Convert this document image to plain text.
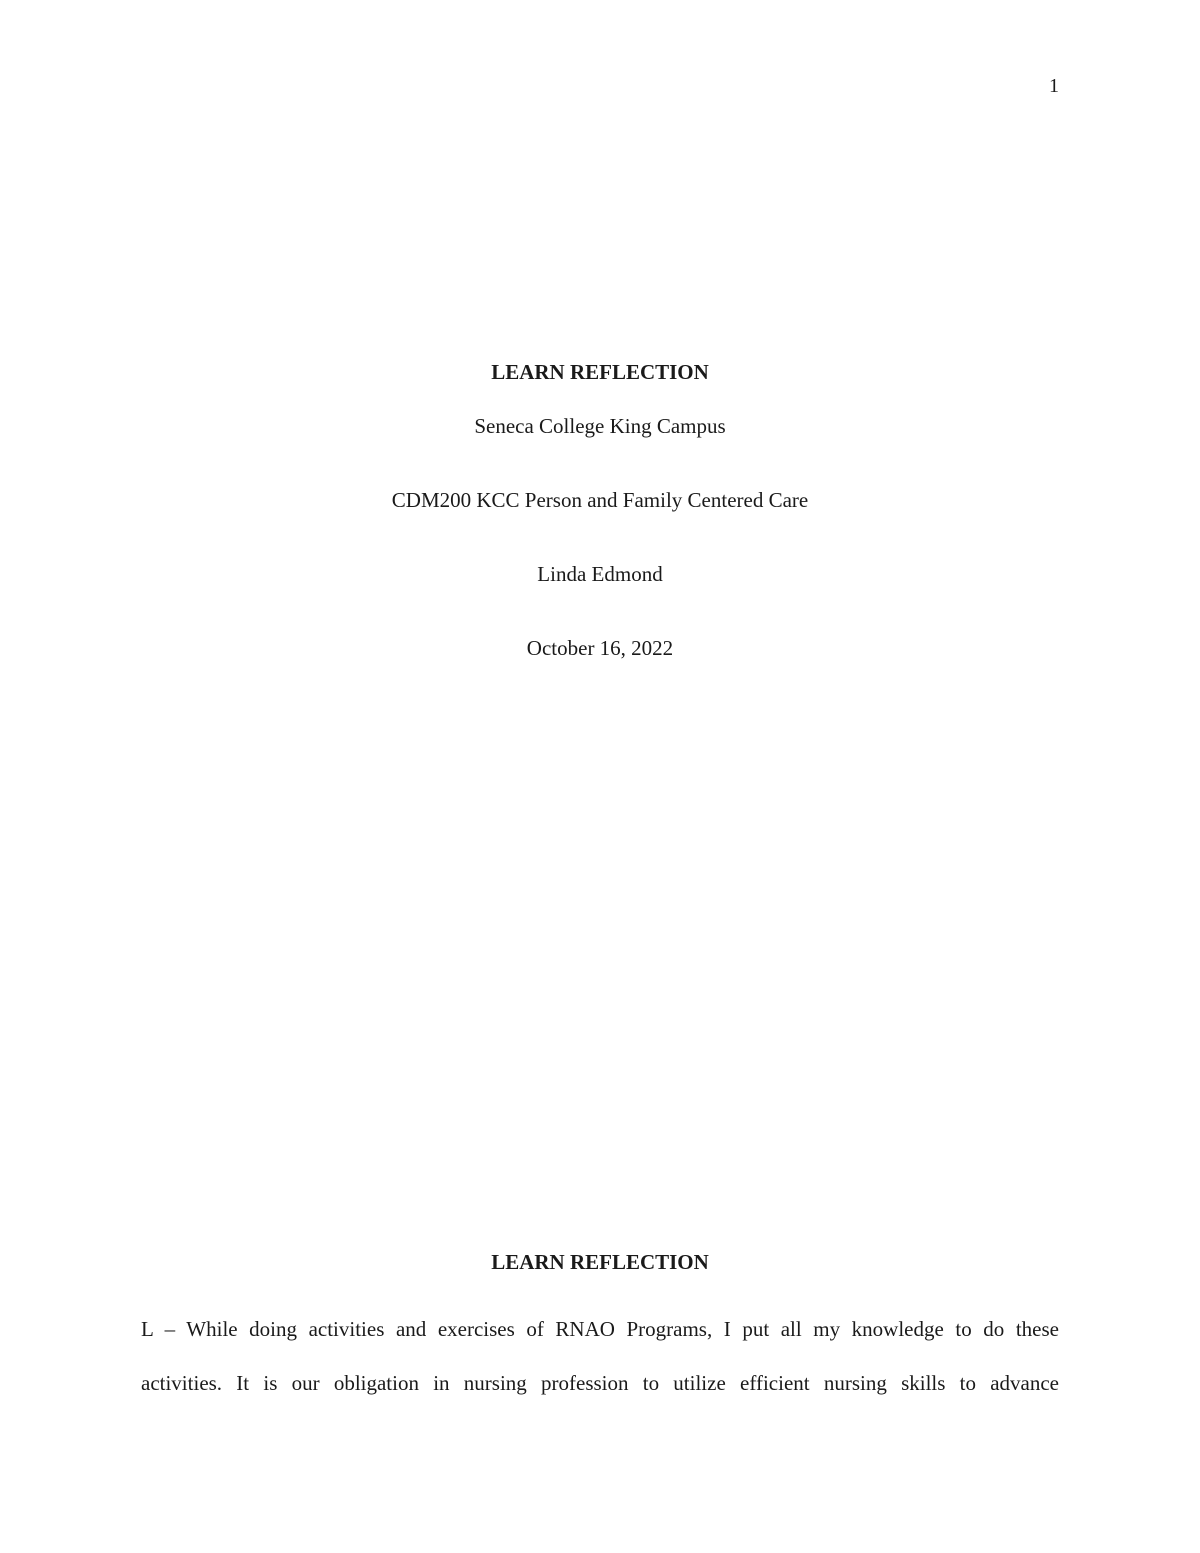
1

LEARN REFLECTION

Seneca College King Campus

CDM200 KCC Person and Family Centered Care

Linda Edmond

October 16, 2022

LEARN REFLECTION
L – While doing activities and exercises of RNAO Programs, I put all my knowledge to do these
activities. It is our obligation in nursing profession to utilize efficient nursing skills to advance
